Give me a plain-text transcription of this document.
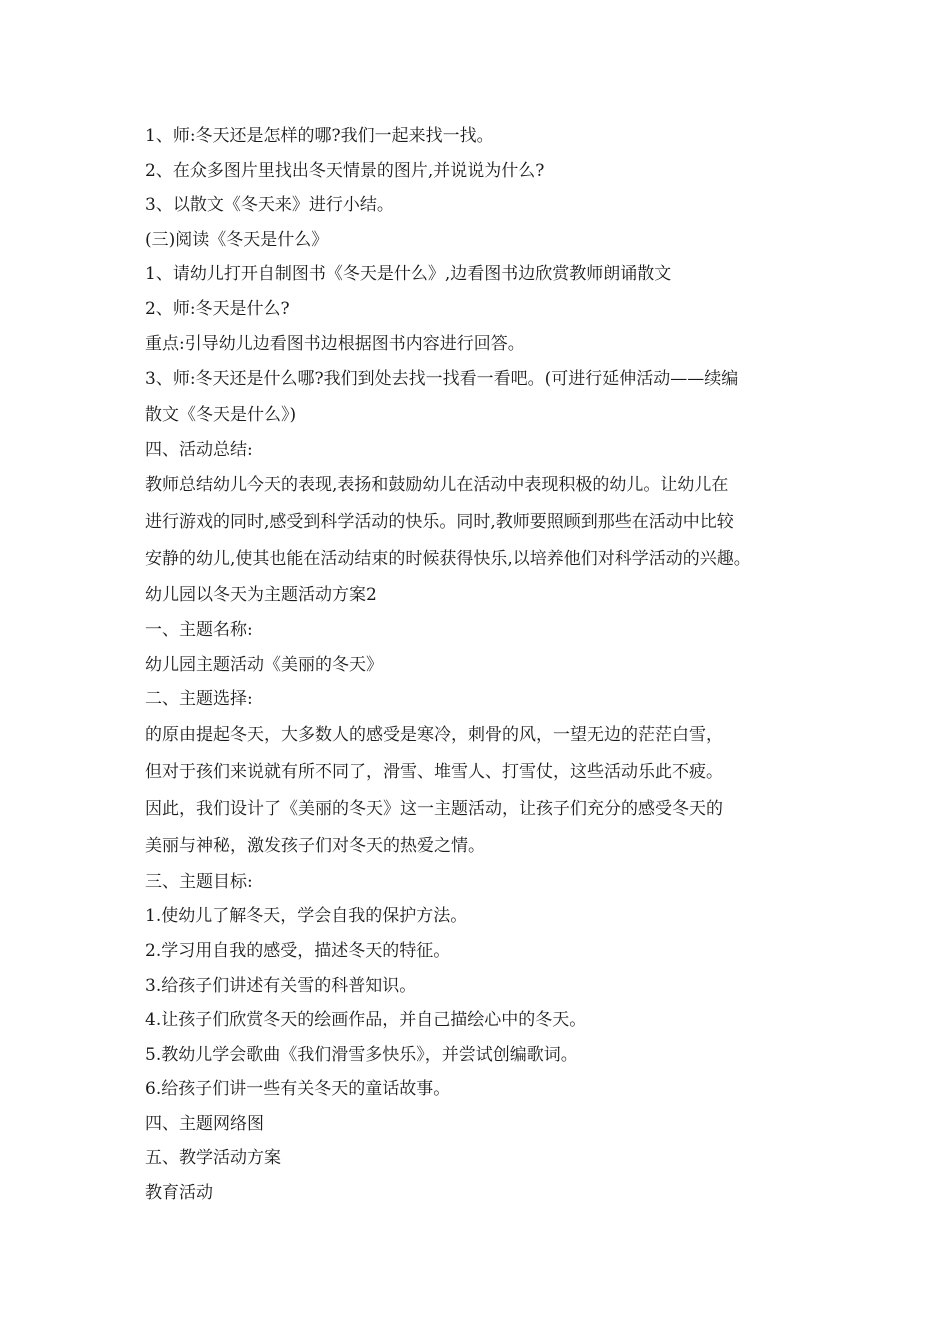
1、师:冬天还是怎样的哪?我们一起来找一找。
2、在众多图片里找出冬天情景的图片,并说说为什么?
3、以散文《冬天来》进行小结。
(三)阅读《冬天是什么》
1、请幼儿打开自制图书《冬天是什么》,边看图书边欣赏教师朗诵散文
2、师:冬天是什么?
重点:引导幼儿边看图书边根据图书内容进行回答。
3、师:冬天还是什么哪?我们到处去找一找看一看吧。(可进行延伸活动——续编
散文《冬天是什么》)
四、活动总结:
教师总结幼儿今天的表现,表扬和鼓励幼儿在活动中表现积极的幼儿。让幼儿在
进行游戏的同时,感受到科学活动的快乐。同时,教师要照顾到那些在活动中比较
安静的幼儿,使其也能在活动结束的时候获得快乐,以培养他们对科学活动的兴趣。
幼儿园以冬天为主题活动方案2
一、主题名称:
幼儿园主题活动《美丽的冬天》
二、主题选择:
的原由提起冬天，大多数人的感受是寒冷，刺骨的风，一望无边的茫茫白雪，
但对于孩们来说就有所不同了，滑雪、堆雪人、打雪仗，这些活动乐此不疲。
因此，我们设计了《美丽的冬天》这一主题活动，让孩子们充分的感受冬天的
美丽与神秘，激发孩子们对冬天的热爱之情。
三、主题目标:
1.使幼儿了解冬天，学会自我的保护方法。
2.学习用自我的感受，描述冬天的特征。
3.给孩子们讲述有关雪的科普知识。
4.让孩子们欣赏冬天的绘画作品，并自己描绘心中的冬天。
5.教幼儿学会歌曲《我们滑雪多快乐》，并尝试创编歌词。
6.给孩子们讲一些有关冬天的童话故事。
四、主题网络图
五、教学活动方案
教育活动
